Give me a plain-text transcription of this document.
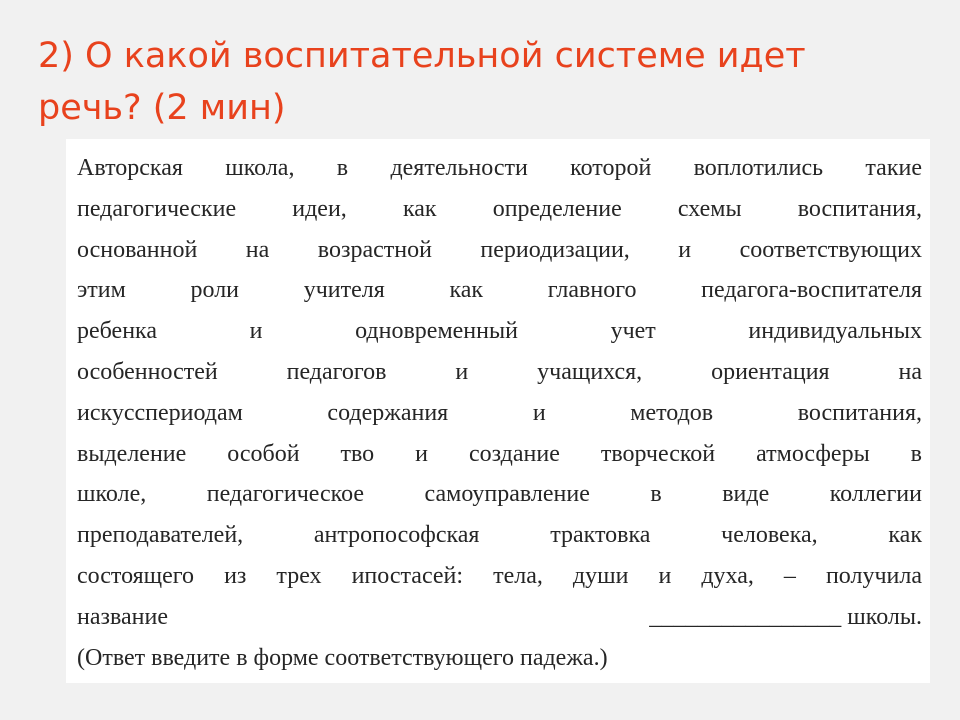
2) О какой воспитательной системе идет
речь? (2 мин)

Авторская школа, в деятельности которой воплотились такие
педагогические идеи, как определение схемы воспитания,
основанной на возрастной периодизации, и соответствующих
этим роли учителя как главного педагога-воспитателя
ребенка и одновременный учет индивидуальных
особенностей педагогов и учащихся, ориентация на
искусспериодам содержания и методов воспитания,
выделение особой тво и создание творческой атмосферы в
школе, педагогическое самоуправление в виде коллегии
преподавателей, антропософская трактовка человека, как
состоящего из трех ипостасей: тела, души и духа, – получила
название	________________ школы.
(Ответ введите в форме соответствующего падежа.)
